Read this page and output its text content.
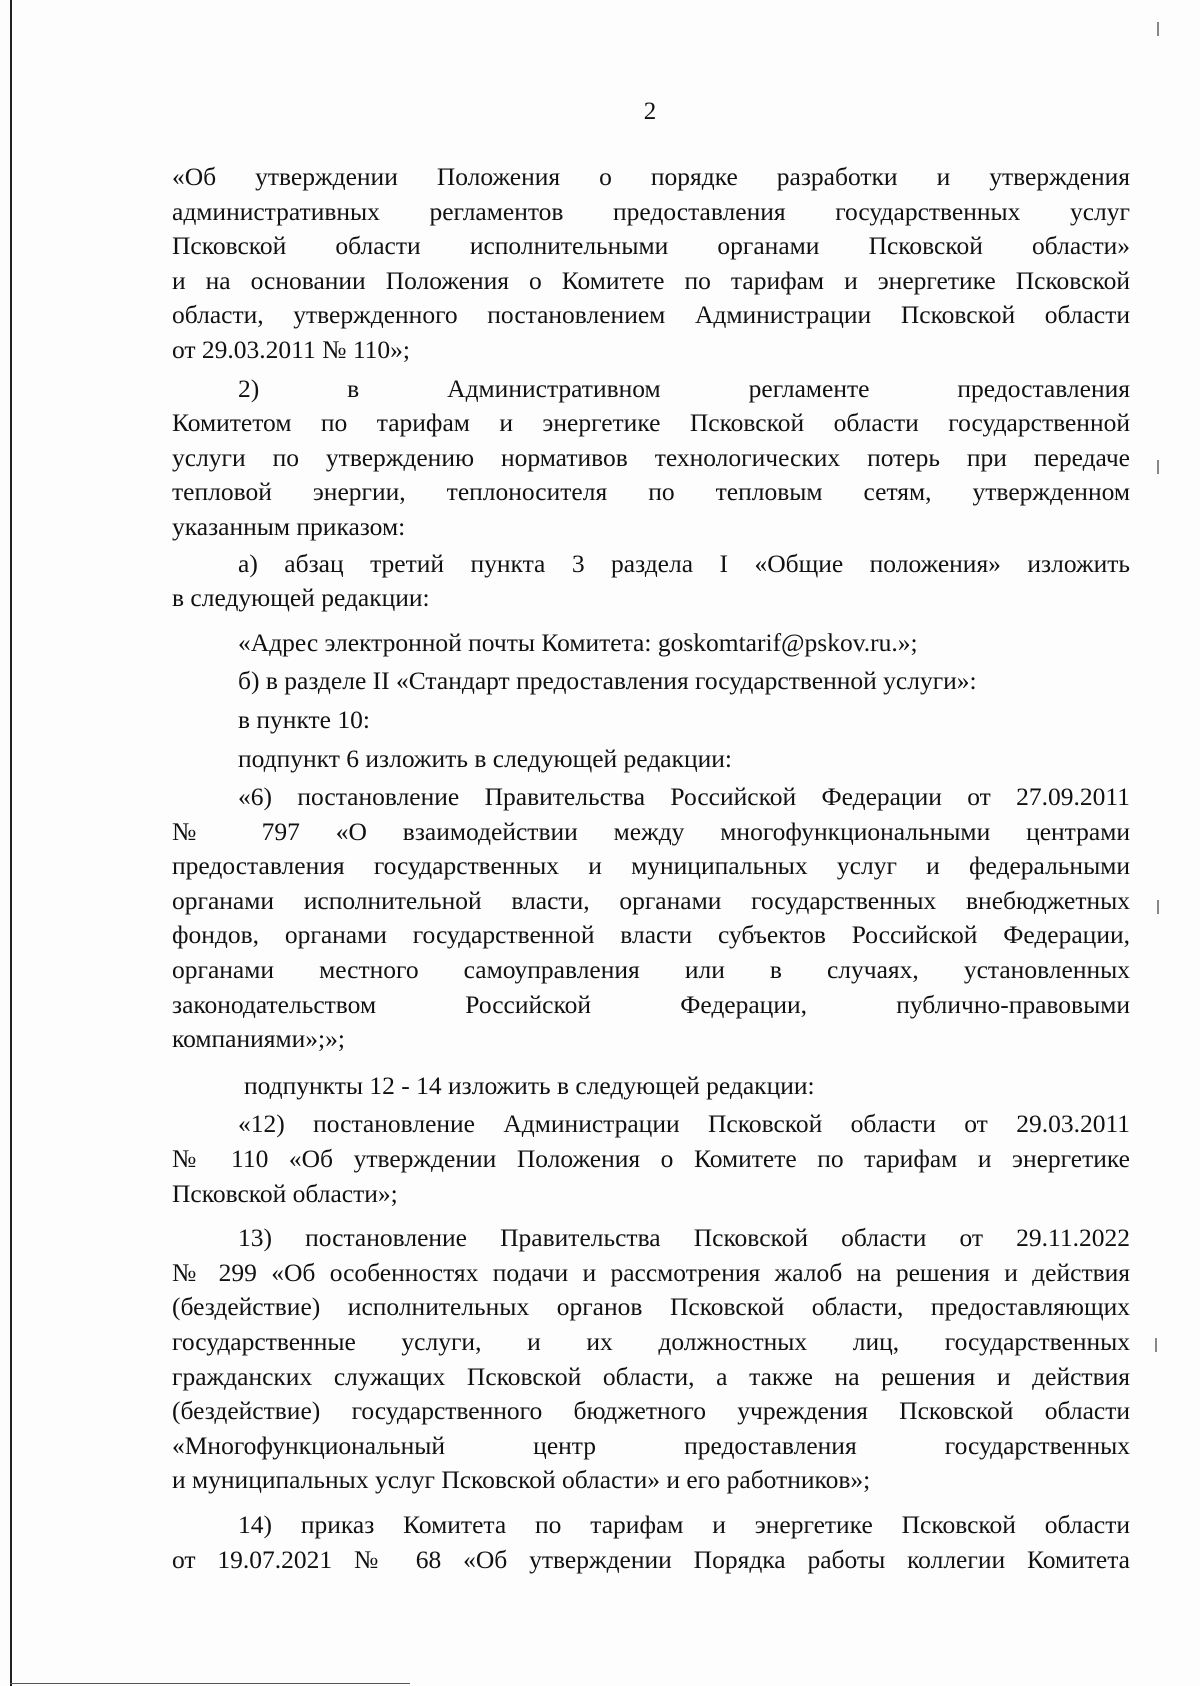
2
«Об утверждении Положения о порядке разработки и утверждения
административных регламентов предоставления государственных услуг
Псковской области исполнительными органами Псковской области»
и на основании Положения о Комитете по тарифам и энергетике Псковской
области, утвержденного постановлением Администрации Псковской области
от 29.03.2011 № 110»;
2) в Административном регламенте предоставления
Комитетом по тарифам и энергетике Псковской области государственной
услуги по утверждению нормативов технологических потерь при передаче
тепловой энергии, теплоносителя по тепловым сетям, утвержденном
указанным приказом:
а) абзац третий пункта 3 раздела I «Общие положения» изложить
в следующей редакции:
«Адрес электронной почты Комитета: goskomtarif@pskov.ru.»;
б) в разделе II «Стандарт предоставления государственной услуги»:
в пункте 10:
подпункт 6 изложить в следующей редакции:
«6) постановление Правительства Российской Федерации от 27.09.2011
№ 797 «О взаимодействии между многофункциональными центрами
предоставления государственных и муниципальных услуг и федеральными
органами исполнительной власти, органами государственных внебюджетных
фондов, органами государственной власти субъектов Российской Федерации,
органами местного самоуправления или в случаях, установленных
законодательством Российской Федерации, публично-правовыми
компаниями»;»;
подпункты 12 - 14 изложить в следующей редакции:
«12) постановление Администрации Псковской области от 29.03.2011
№ 110 «Об утверждении Положения о Комитете по тарифам и энергетике
Псковской области»;
13) постановление Правительства Псковской области от 29.11.2022
№ 299 «Об особенностях подачи и рассмотрения жалоб на решения и действия
(бездействие) исполнительных органов Псковской области, предоставляющих
государственные услуги, и их должностных лиц, государственных
гражданских служащих Псковской области, а также на решения и действия
(бездействие) государственного бюджетного учреждения Псковской области
«Многофункциональный центр предоставления государственных
и муниципальных услуг Псковской области» и его работников»;
14) приказ Комитета по тарифам и энергетике Псковской области
от 19.07.2021 № 68 «Об утверждении Порядка работы коллегии Комитета
